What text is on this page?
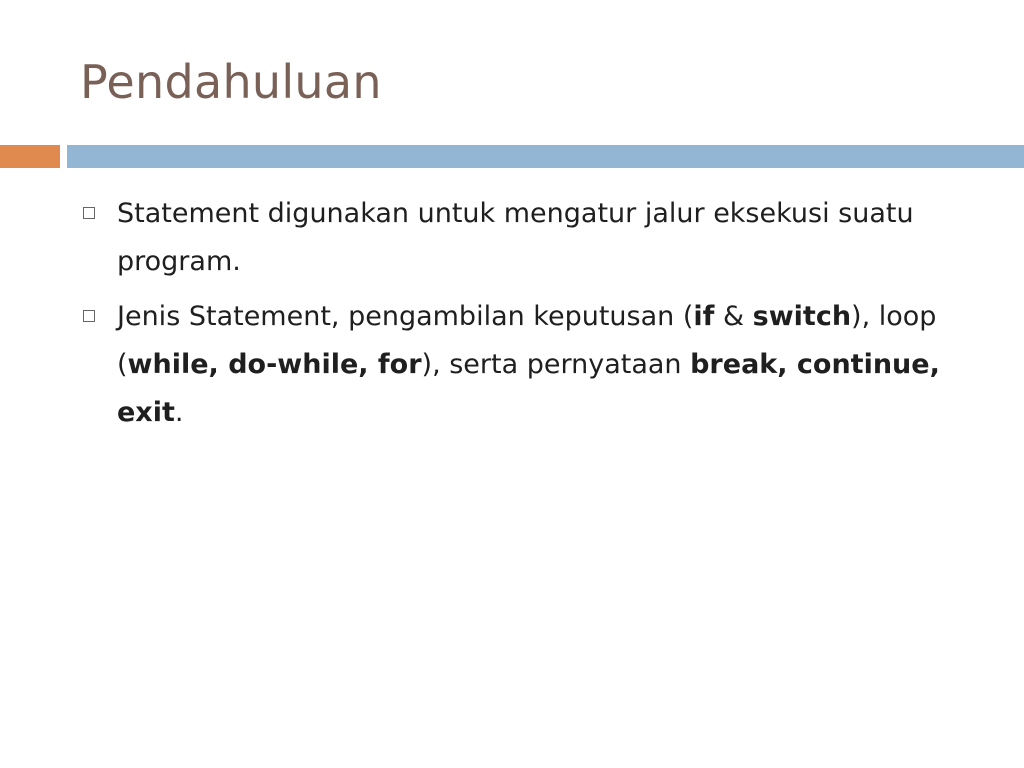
Pendahuluan
Statement digunakan untuk mengatur jalur eksekusi suatu program.
Jenis Statement, pengambilan keputusan (if & switch), loop (while, do-while, for), serta pernyataan break, continue, exit.
